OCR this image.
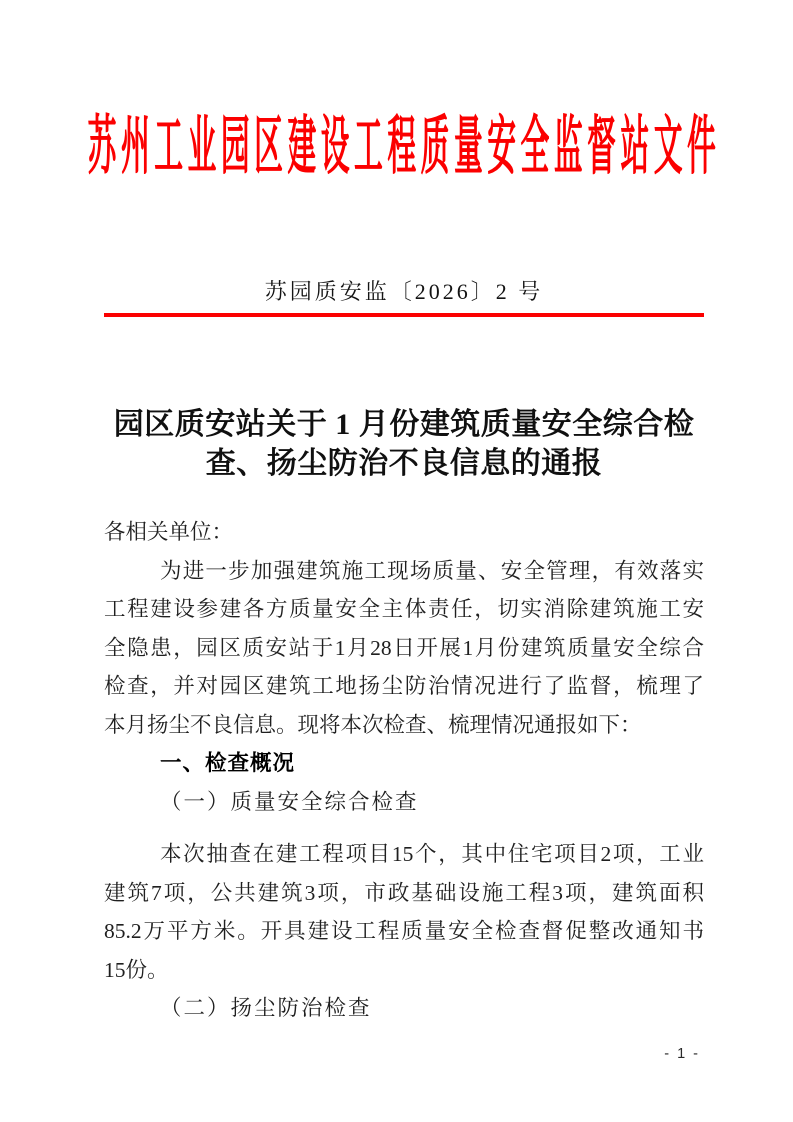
苏州工业园区建设工程质量安全监督站文件
苏园质安监〔2026〕2 号
园区质安站关于 1 月份建筑质量安全综合检
查、扬尘防治不良信息的通报
各相关单位：
为进一步加强建筑施工现场质量、安全管理，有效落实
工程建设参建各方质量安全主体责任，切实消除建筑施工安
全隐患，园区质安站于1月28日开展1月份建筑质量安全综合
检查，并对园区建筑工地扬尘防治情况进行了监督，梳理了
本月扬尘不良信息。现将本次检查、梳理情况通报如下：
一、检查概况
（一）质量安全综合检查
本次抽查在建工程项目15个，其中住宅项目2项，工业
建筑7项，公共建筑3项，市政基础设施工程3项，建筑面积
85.2万平方米。开具建设工程质量安全检查督促整改通知书
15份。
（二）扬尘防治检查
- 1 -
